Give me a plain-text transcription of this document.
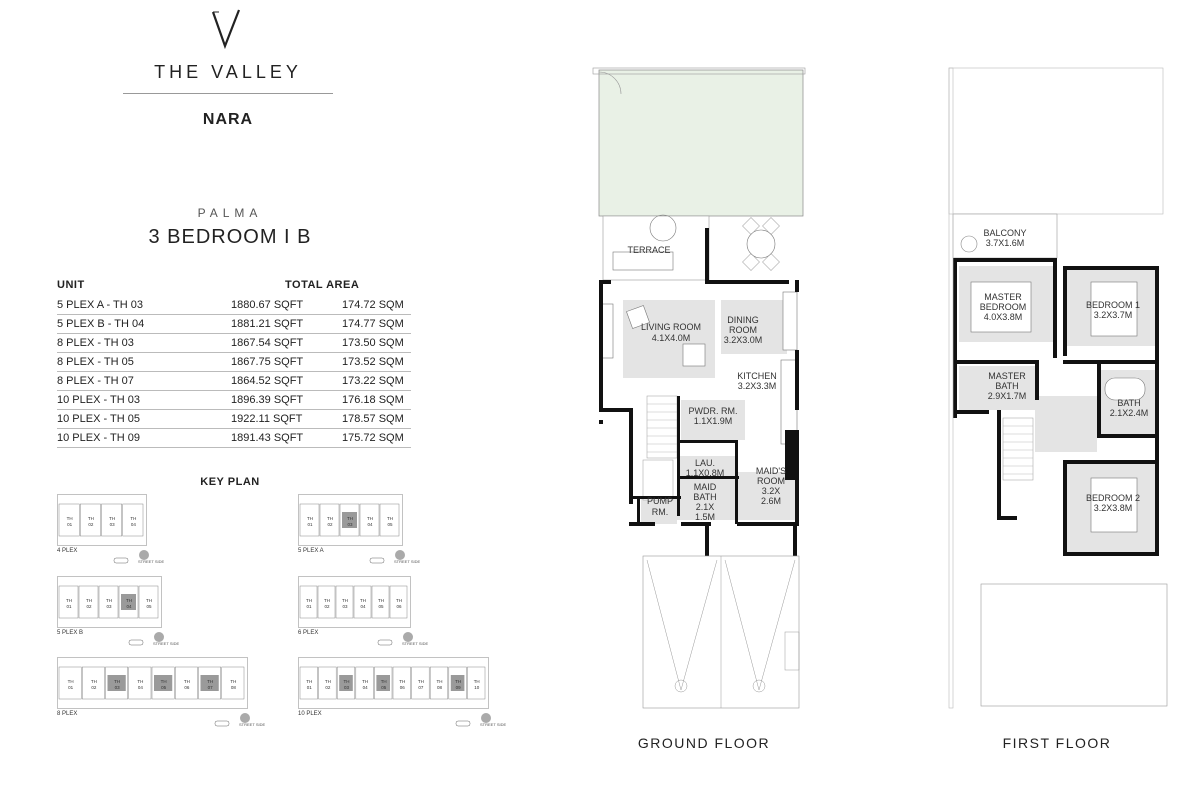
THE VALLEY
NARA
PALMA
3 BEDROOM I B
UNIT	TOTAL AREA
5 PLEX A - TH 03	1880.67 SQFT	174.72 SQM
5 PLEX B - TH 04	1881.21 SQFT	174.77 SQM
8 PLEX - TH 03	1867.54 SQFT	173.50 SQM
8 PLEX - TH 05	1867.75 SQFT	173.52 SQM
8 PLEX - TH 07	1864.52 SQFT	173.22 SQM
10 PLEX - TH 03	1896.39 SQFT	176.18 SQM
10 PLEX - TH 05	1922.11 SQFT	178.57 SQM
10 PLEX - TH 09	1891.43 SQFT	175.72 SQM
KEY PLAN
TH
01
TH
02
TH
03
TH
04
4 PLEX
STREET SIDE
TH
01
TH
02
TH
03
TH
04
TH
05
5 PLEX A
STREET SIDE
TH
01
TH
02
TH
03
TH
04
TH
05
5 PLEX B
STREET SIDE
TH
01
TH
02
TH
03
TH
04
TH
05
TH
06
6 PLEX
STREET SIDE
TH
01
TH
02
TH
03
TH
04
TH
05
TH
06
TH
07
TH
08
8 PLEX
STREET SIDE
TH
01
TH
02
TH
03
TH
04
TH
05
TH
06
TH
07
TH
08
TH
09
TH
10
10 PLEX
STREET SIDE
TERRACE
LIVING ROOM
4.1X4.0M
DINING
ROOM
3.2X3.0M
KITCHEN
3.2X3.3M
PWDR. RM.
1.1X1.9M
LAU.
1.1X0.8M	MAID'S
ROOM
3.2X
2.6M
MAID
BATH
2.1X
1.5M
PUMP
RM.
GROUND FLOOR
BALCONY
3.7X1.6M
MASTER
BEDROOM
4.0X3.8M
BEDROOM 1
3.2X3.7M
MASTER
BATH
2.9X1.7M
BATH
2.1X2.4M
BEDROOM 2
3.2X3.8M
FIRST FLOOR
